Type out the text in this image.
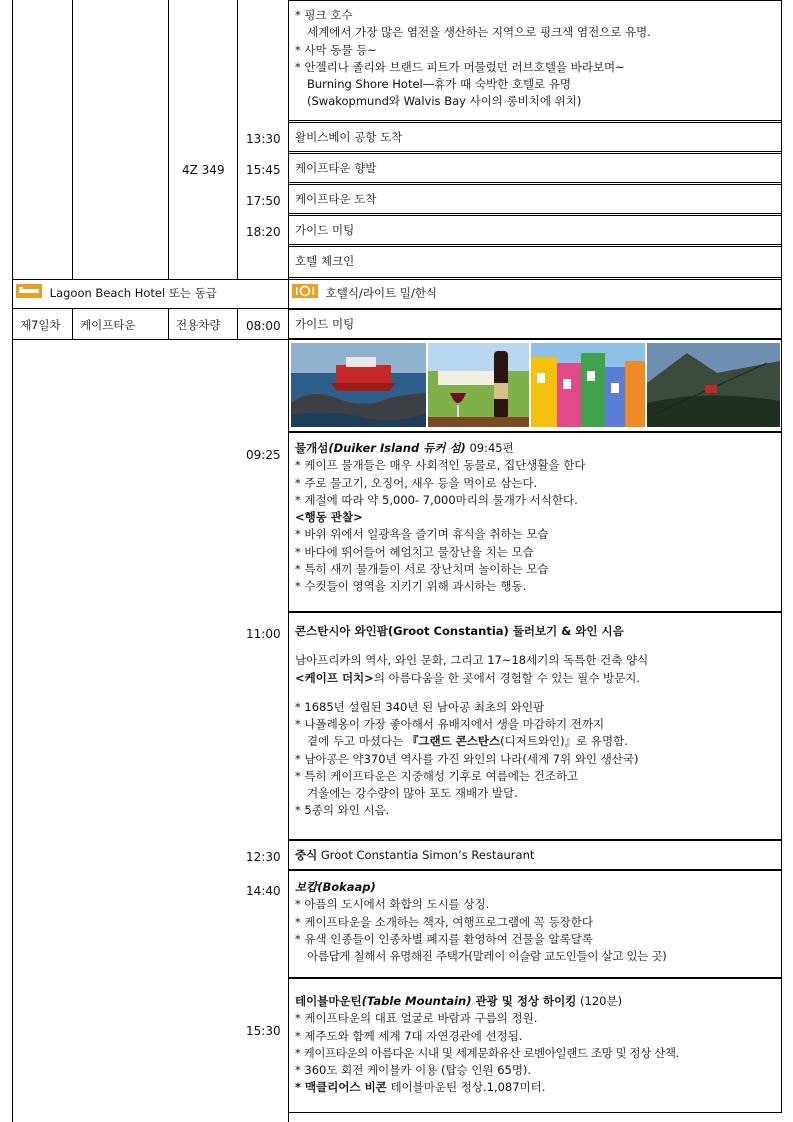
* 핑크 호수
세계에서 가장 많은 염전을 생산하는 지역으로 핑크색 염전으로 유명.
* 사막 동물 등~
* 안젤리나 졸리와 브랜드 피트가 머물렀던 러브호텔을 바라보며~
Burning Shore Hotel—휴가 때 숙박한 호텔로 유명
(Swakopmund와 Walvis Bay 사이의 롱비치에 위치)
13:30	왈비스베이 공항 도착
4Z 349 15:45	케이프타운 향발
17:50	케이프타운 도착
18:20	가이드 미팅
호텔 체크인
Lagoon Beach Hotel 또는 동급	호텔식/라이트 밀/한식
제7일차 케이프타운	전용차량 08:00	가이드 미팅
09:25 물개섬(Duiker Island 듀커 섬) 09:45편
* 케이프 물개들은 매우 사회적인 동물로, 집단생활을 한다
* 주로 물고기, 오징어, 새우 등을 먹이로 삼는다.
* 계절에 따라 약 5,000- 7,000마리의 물개가 서식한다.
<행동 관찰>
* 바위 위에서 일광욕을 즐기며 휴식을 취하는 모습
* 바다에 뛰어들어 헤엄치고 물장난을 치는 모습
* 특히 새끼 물개들이 서로 장난치며 놀이하는 모습
* 수컷들이 영역을 지키기 위해 과시하는 행동.
11:00 콘스탄시아 와인팜(Groot Constantia) 둘러보기 & 와인 시음
남아프리카의 역사, 와인 문화, 그리고 17~18세기의 독특한 건축 양식
<케이프 더치>의 아름다움을 한 곳에서 경험할 수 있는 필수 방문지.
* 1685년 설립된 340년 된 남아공 최초의 와인팜
* 나폴레옹이 가장 좋아해서 유배지에서 생을 마감하기 전까지
곁에 두고 마셨다는 『그랜드 콘스탄스(디저트와인)』로 유명함.
* 남아공은 약370년 역사를 가진 와인의 나라(세계 7위 와인 생산국)
* 특히 케이프타운은 지중해성 기후로 여름에는 건조하고
겨울에는 강수량이 많아 포도 재배가 발달.
* 5종의 와인 시음.
12:30	중식 Groot Constantia Simon’s Restaurant
14:40 보캅(Bokaap)
* 아픔의 도시에서 화합의 도시를 상징.
* 케이프타운을 소개하는 책자, 여행프로그램에 꼭 등장한다
* 유색 인종들이 인종차별 폐지를 환영하여 건물을 알록달록
아름답게 칠해서 유명해진 주택가(말레이 이슬람 교도인들이 살고 있는 곳)
15:30
테이블마운틴(Table Mountain) 관광 및 정상 하이킹 (120분)
* 케이프타운의 대표 얼굴로 바람과 구름의 정원.
* 제주도와 함께 세계 7대 자연경관에 선정됨.
* 케이프타운의 아름다운 시내 및 세계문화유산 로벤아일랜드 조망 및 정상 산책.
* 360도 회전 케이블카 이용 (탑승 인원 65명).
* 맥클리어스 비콘 테이블마운틴 정상.1,087미터.
